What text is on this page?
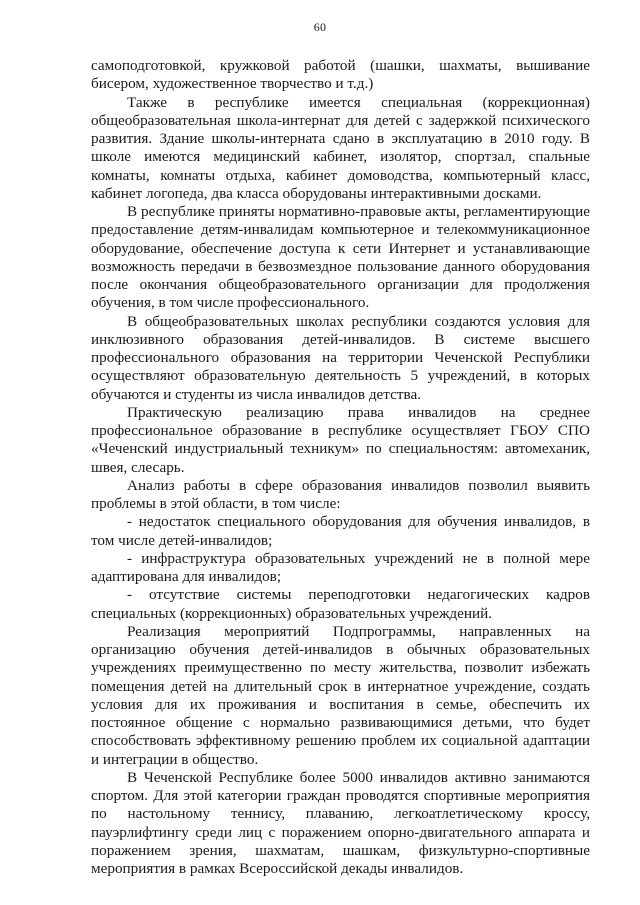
60

самоподготовкой, кружковой работой (шашки, шахматы, вышивание бисером, художественное творчество и т.д.)

Также в республике имеется специальная (коррекционная) общеобразовательная школа-интернат для детей с задержкой психического развития. Здание школы-интерната сдано в эксплуатацию в 2010 году. В школе имеются медицинский кабинет, изолятор, спортзал, спальные комнаты, комнаты отдыха, кабинет домоводства, компьютерный класс, кабинет логопеда, два класса оборудованы интерактивными досками.

В республике приняты нормативно-правовые акты, регламентирующие предоставление детям-инвалидам компьютерное и телекоммуникационное оборудование, обеспечение доступа к сети Интернет и устанавливающие возможность передачи в безвозмездное пользование данного оборудования после окончания общеобразовательного организации для продолжения обучения, в том числе профессионального.

В общеобразовательных школах республики создаются условия для инклюзивного образования детей-инвалидов. В системе высшего профессионального образования на территории Чеченской Республики осуществляют образовательную деятельность 5 учреждений, в которых обучаются и студенты из числа инвалидов детства.

Практическую реализацию права инвалидов на среднее профессиональное образование в республике осуществляет ГБОУ СПО «Чеченский индустриальный техникум» по специальностям: автомеханик, швея, слесарь.

Анализ работы в сфере образования инвалидов позволил выявить проблемы в этой области, в том числе:

- недостаток специального оборудования для обучения инвалидов, в том числе детей-инвалидов;

- инфраструктура образовательных учреждений не в полной мере адаптирована для инвалидов;

- отсутствие системы переподготовки недагогических кадров специальных (коррекционных) образовательных учреждений.

Реализация мероприятий Подпрограммы, направленных на организацию обучения детей-инвалидов в обычных образовательных учреждениях преимущественно по месту жительства, позволит избежать помещения детей на длительный срок в интернатное учреждение, создать условия для их проживания и воспитания в семье, обеспечить их постоянное общение с нормально развивающимися детьми, что будет способствовать эффективному решению проблем их социальной адаптации и интеграции в общество.

В Чеченской Республике более 5000 инвалидов активно занимаются спортом. Для этой категории граждан проводятся спортивные мероприятия по настольному теннису, плаванию, легкоатлетическому кроссу, пауэрлифтингу среди лиц с поражением опорно-двигательного аппарата и поражением зрения, шахматам, шашкам, физкультурно-спортивные мероприятия в рамках Всероссийской декады инвалидов.
